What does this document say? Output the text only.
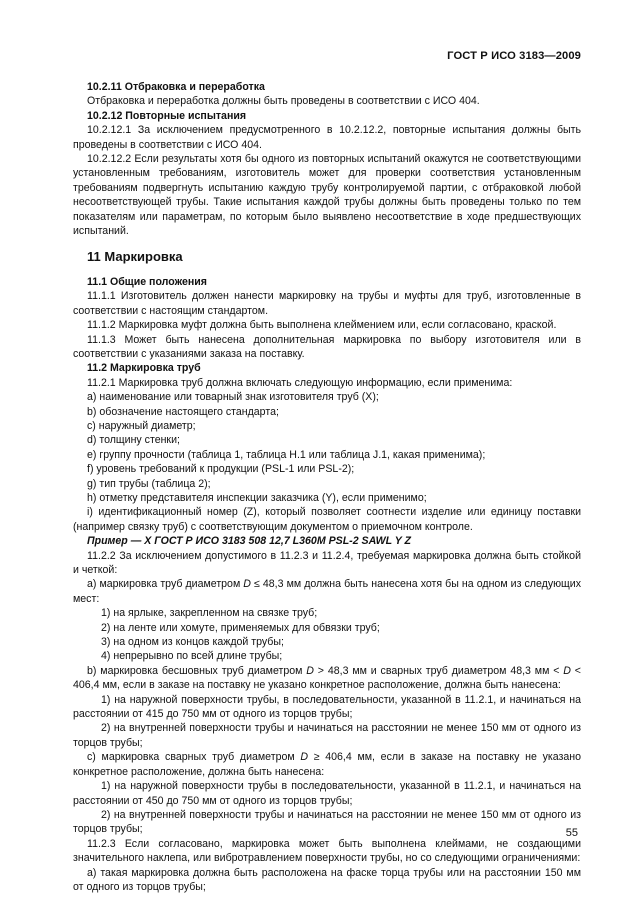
ГОСТ Р ИСО 3183—2009

10.2.11 Отбраковка и переработка

Отбраковка и переработка должны быть проведены в соответствии с ИСО 404.

10.2.12 Повторные испытания

10.2.12.1 За исключением предусмотренного в 10.2.12.2, повторные испытания должны быть проведены в соответствии с ИСО 404.

10.2.12.2 Если результаты хотя бы одного из повторных испытаний окажутся не соответствующими установленным требованиям, изготовитель может для проверки соответствия установленным требованиям подвергнуть испытанию каждую трубу контролируемой партии, с отбраковкой любой несоответствующей трубы. Такие испытания каждой трубы должны быть проведены только по тем показателям или параметрам, по которым было выявлено несоответствие в ходе предшествующих испытаний.

11 Маркировка

11.1 Общие положения

11.1.1 Изготовитель должен нанести маркировку на трубы и муфты для труб, изготовленные в соответствии с настоящим стандартом.

11.1.2 Маркировка муфт должна быть выполнена клеймением или, если согласовано, краской.

11.1.3 Может быть нанесена дополнительная маркировка по выбору изготовителя или в соответствии с указаниями заказа на поставку.

11.2 Маркировка труб

11.2.1 Маркировка труб должна включать следующую информацию, если применима:

a) наименование или товарный знак изготовителя труб (X);

b) обозначение настоящего стандарта;

c) наружный диаметр;

d) толщину стенки;

e) группу прочности (таблица 1, таблица H.1 или таблица J.1, какая применима);

f) уровень требований к продукции (PSL-1 или PSL-2);

g) тип трубы (таблица 2);

h) отметку представителя инспекции заказчика (Y), если применимо;

i) идентификационный номер (Z), который позволяет соотнести изделие или единицу поставки (например связку труб) с соответствующим документом о приемочном контроле.

Пример — X ГОСТ Р ИСО 3183 508 12,7 L360M PSL-2 SAWL Y Z

11.2.2 За исключением допустимого в 11.2.3 и 11.2.4, требуемая маркировка должна быть стойкой и четкой:

a) маркировка труб диаметром D ≤ 48,3 мм должна быть нанесена хотя бы на одном из следующих мест:

1) на ярлыке, закрепленном на связке труб;

2) на ленте или хомуте, применяемых для обвязки труб;

3) на одном из концов каждой трубы;

4) непрерывно по всей длине трубы;

b) маркировка бесшовных труб диаметром D > 48,3 мм и сварных труб диаметром 48,3 мм < D < 406,4 мм, если в заказе на поставку не указано конкретное расположение, должна быть нанесена:

1) на наружной поверхности трубы, в последовательности, указанной в 11.2.1, и начинаться на расстоянии от 415 до 750 мм от одного из торцов трубы;

2) на внутренней поверхности трубы и начинаться на расстоянии не менее 150 мм от одного из торцов трубы;

c) маркировка сварных труб диаметром D ≥ 406,4 мм, если в заказе на поставку не указано конкретное расположение, должна быть нанесена:

1) на наружной поверхности трубы в последовательности, указанной в 11.2.1, и начинаться на расстоянии от 450 до 750 мм от одного из торцов трубы;

2) на внутренней поверхности трубы и начинаться на расстоянии не менее 150 мм от одного из торцов трубы;

11.2.3 Если согласовано, маркировка может быть выполнена клеймами, не создающими значительного наклепа, или вибротравлением поверхности трубы, но со следующими ограничениями:

a) такая маркировка должна быть расположена на фаске торца трубы или на расстоянии 150 мм от одного из торцов трубы;

55
